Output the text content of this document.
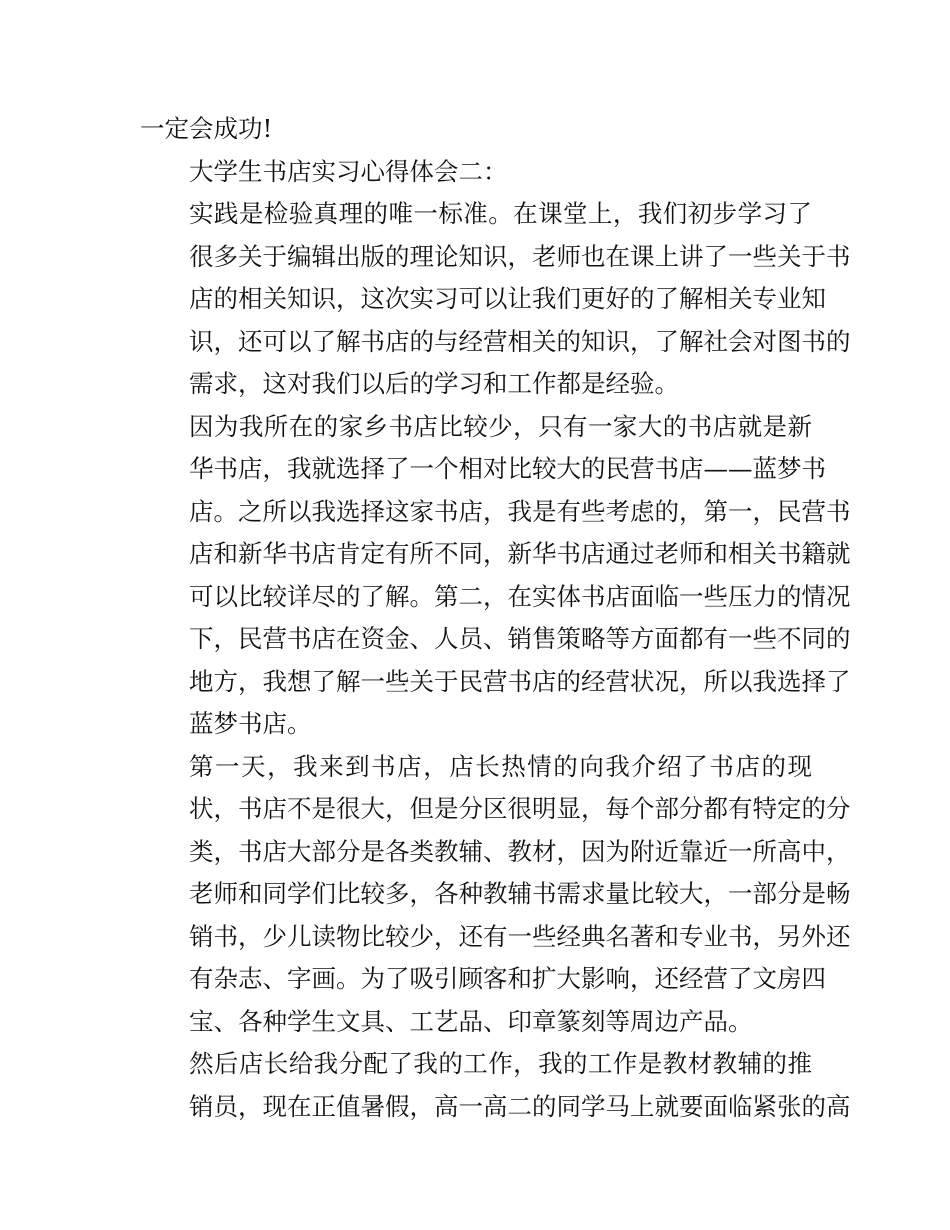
一定会成功!
大学生书店实习心得体会二：
实践是检验真理的唯一标准。在课堂上，我们初步学习了
很多关于编辑出版的理论知识，老师也在课上讲了一些关于书
店的相关知识，这次实习可以让我们更好的了解相关专业知
识，还可以了解书店的与经营相关的知识，了解社会对图书的
需求，这对我们以后的学习和工作都是经验。
因为我所在的家乡书店比较少，只有一家大的书店就是新
华书店，我就选择了一个相对比较大的民营书店——蓝梦书
店。之所以我选择这家书店，我是有些考虑的，第一，民营书
店和新华书店肯定有所不同，新华书店通过老师和相关书籍就
可以比较详尽的了解。第二，在实体书店面临一些压力的情况
下，民营书店在资金、人员、销售策略等方面都有一些不同的
地方，我想了解一些关于民营书店的经营状况，所以我选择了
蓝梦书店。
第一天，我来到书店，店长热情的向我介绍了书店的现
状，书店不是很大，但是分区很明显，每个部分都有特定的分
类，书店大部分是各类教辅、教材，因为附近靠近一所高中，
老师和同学们比较多，各种教辅书需求量比较大，一部分是畅
销书，少儿读物比较少，还有一些经典名著和专业书，另外还
有杂志、字画。为了吸引顾客和扩大影响，还经营了文房四
宝、各种学生文具、工艺品、印章篆刻等周边产品。
然后店长给我分配了我的工作，我的工作是教材教辅的推
销员，现在正值暑假，高一高二的同学马上就要面临紧张的高
